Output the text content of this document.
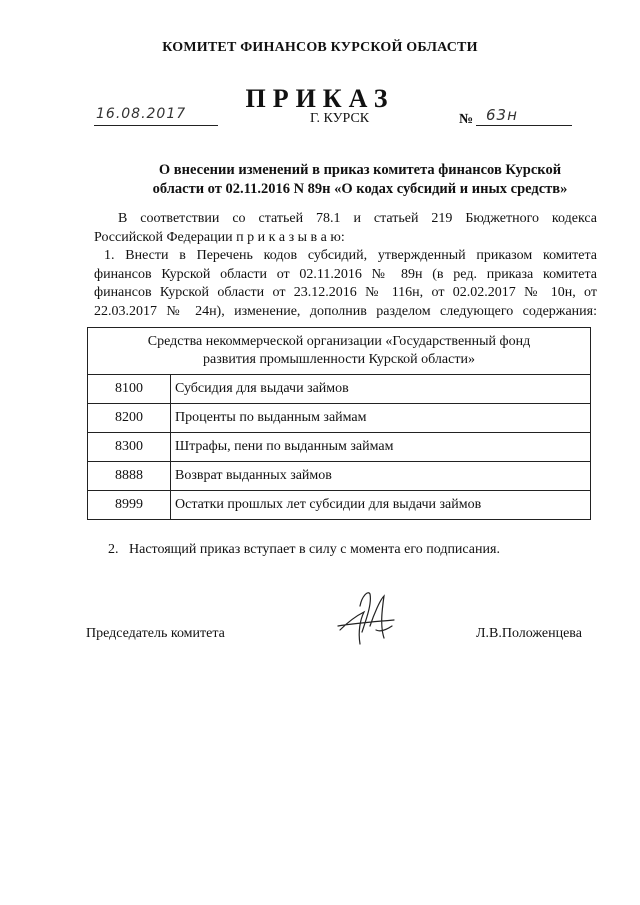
КОМИТЕТ ФИНАНСОВ КУРСКОЙ ОБЛАСТИ
ПРИКАЗ
16.08.2017	Г. КУРСК	№ 63н
О внесении изменений в приказ комитета финансов Курской
области от 02.11.2016 N 89н «О кодах субсидий и иных средств»

В соответствии со статьей 78.1 и статьей 219 Бюджетного кодекса

Российской Федерации п р и к а з ы в а ю:

1. Внести в Перечень кодов субсидий, утвержденный приказом комитета

финансов Курской области от 02.11.2016 № 89н (в ред. приказа комитета

финансов Курской области от 23.12.2016 № 116н, от 02.02.2017 № 10н, от

22.03.2017 № 24н), изменение, дополнив разделом следующего содержания:

Средства некоммерческой организации «Государственный фонд
развития промышленности Курской области»	

8100	Субсидия для выдачи займов
8200	Проценты по выданным займам
8300	Штрафы, пени по выданным займам
8888	Возврат выданных займов
8999	Остатки прошлых лет субсидии для выдачи займов
2.   Настоящий приказ вступает в силу с момента его подписания.
Председатель комитета	Л.В.Положенцева
